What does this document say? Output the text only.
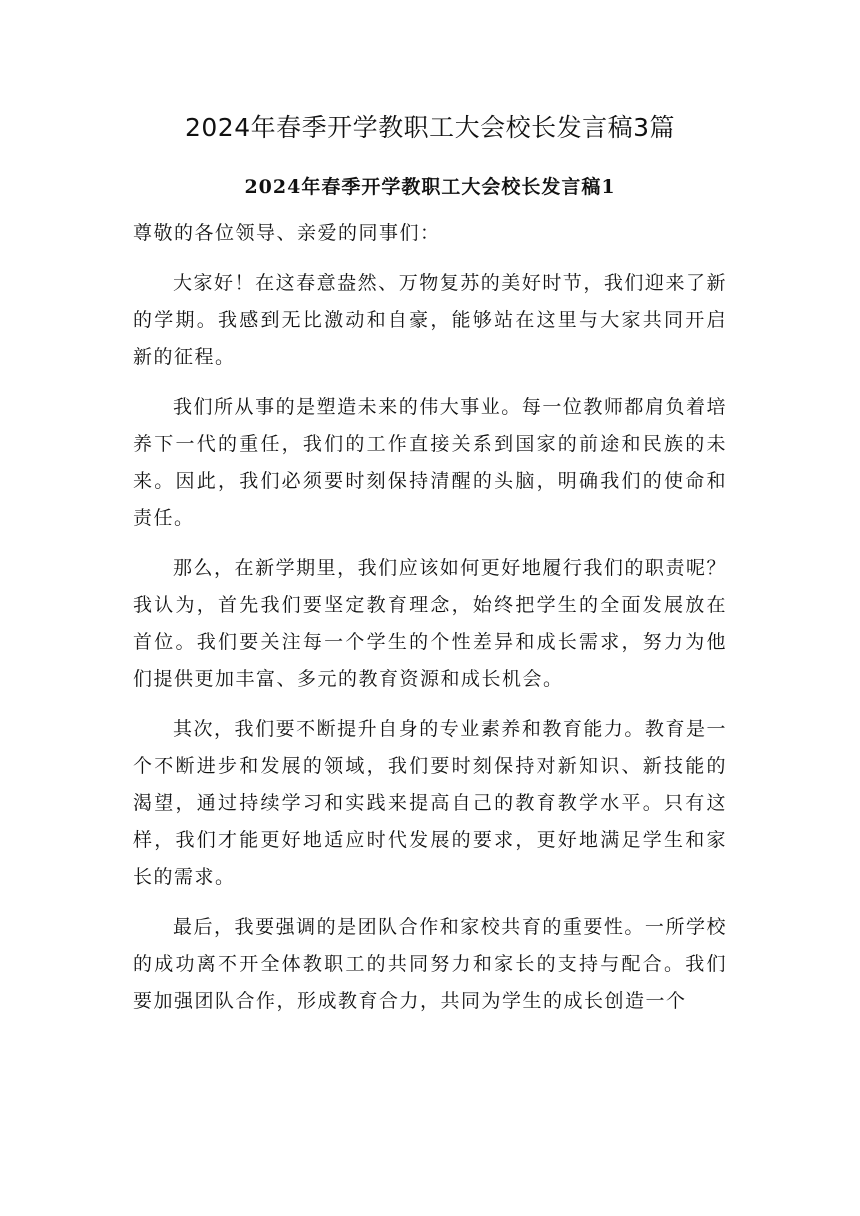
2024年春季开学教职工大会校长发言稿3篇
2024年春季开学教职工大会校长发言稿1

尊敬的各位领导、亲爱的同事们：

大家好！在这春意盎然、万物复苏的美好时节，我们迎来了新的学期。我感到无比激动和自豪，能够站在这里与大家共同开启新的征程。

我们所从事的是塑造未来的伟大事业。每一位教师都肩负着培养下一代的重任，我们的工作直接关系到国家的前途和民族的未来。因此，我们必须要时刻保持清醒的头脑，明确我们的使命和责任。

那么，在新学期里，我们应该如何更好地履行我们的职责呢？我认为，首先我们要坚定教育理念，始终把学生的全面发展放在首位。我们要关注每一个学生的个性差异和成长需求，努力为他们提供更加丰富、多元的教育资源和成长机会。

其次，我们要不断提升自身的专业素养和教育能力。教育是一个不断进步和发展的领域，我们要时刻保持对新知识、新技能的渴望，通过持续学习和实践来提高自己的教育教学水平。只有这样，我们才能更好地适应时代发展的要求，更好地满足学生和家长的需求。

最后，我要强调的是团队合作和家校共育的重要性。一所学校的成功离不开全体教职工的共同努力和家长的支持与配合。我们要加强团队合作，形成教育合力，共同为学生的成长创造一个
